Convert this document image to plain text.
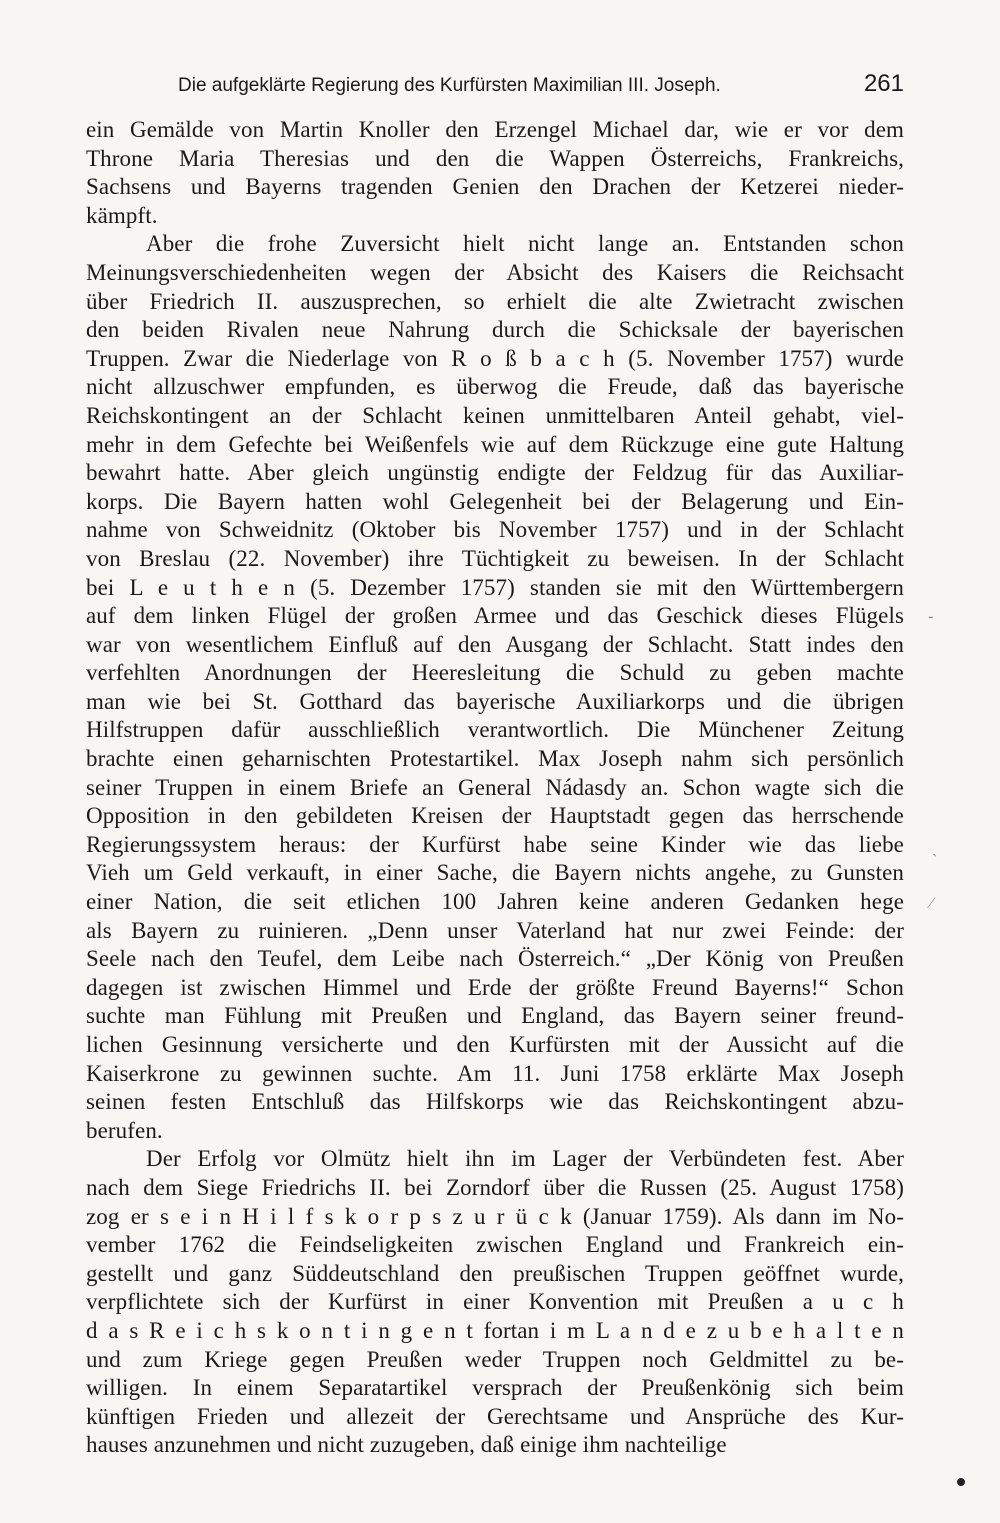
Die aufgeklärte Regierung des Kurfürsten Maximilian III. Joseph.	261
ein Gemälde von Martin Knoller den Erzengel Michael dar, wie er vor dem
Throne Maria Theresias und den die Wappen Österreichs, Frankreichs,
Sachsens und Bayerns tragenden Genien den Drachen der Ketzerei nieder-
kämpft.
Aber die frohe Zuversicht hielt nicht lange an. Entstanden schon
Meinungsverschiedenheiten wegen der Absicht des Kaisers die Reichsacht
über Friedrich II. auszusprechen, so erhielt die alte Zwietracht zwischen
den beiden Rivalen neue Nahrung durch die Schicksale der bayerischen
Truppen. Zwar die Niederlage von R o ß b a c h (5. November 1757) wurde
nicht allzuschwer empfunden, es überwog die Freude, daß das bayerische
Reichskontingent an der Schlacht keinen unmittelbaren Anteil gehabt, viel-
mehr in dem Gefechte bei Weißenfels wie auf dem Rückzuge eine gute Haltung
bewahrt hatte. Aber gleich ungünstig endigte der Feldzug für das Auxiliar-
korps. Die Bayern hatten wohl Gelegenheit bei der Belagerung und Ein-
nahme von Schweidnitz (Oktober bis November 1757) und in der Schlacht
von Breslau (22. November) ihre Tüchtigkeit zu beweisen. In der Schlacht
bei L e u t h e n (5. Dezember 1757) standen sie mit den Württembergern
auf dem linken Flügel der großen Armee und das Geschick dieses Flügels
war von wesentlichem Einfluß auf den Ausgang der Schlacht. Statt indes den
verfehlten Anordnungen der Heeresleitung die Schuld zu geben machte
man wie bei St. Gotthard das bayerische Auxiliarkorps und die übrigen
Hilfstruppen dafür ausschließlich verantwortlich. Die Münchener Zeitung
brachte einen geharnischten Protestartikel. Max Joseph nahm sich persönlich
seiner Truppen in einem Briefe an General Nádasdy an. Schon wagte sich die
Opposition in den gebildeten Kreisen der Hauptstadt gegen das herrschende
Regierungssystem heraus: der Kurfürst habe seine Kinder wie das liebe
Vieh um Geld verkauft, in einer Sache, die Bayern nichts angehe, zu Gunsten
einer Nation, die seit etlichen 100 Jahren keine anderen Gedanken hege
als Bayern zu ruinieren. „Denn unser Vaterland hat nur zwei Feinde: der
Seele nach den Teufel, dem Leibe nach Österreich.“ „Der König von Preußen
dagegen ist zwischen Himmel und Erde der größte Freund Bayerns!“ Schon
suchte man Fühlung mit Preußen und England, das Bayern seiner freund-
lichen Gesinnung versicherte und den Kurfürsten mit der Aussicht auf die
Kaiserkrone zu gewinnen suchte. Am 11. Juni 1758 erklärte Max Joseph
seinen festen Entschluß das Hilfskorps wie das Reichskontingent abzu-
berufen.
Der Erfolg vor Olmütz hielt ihn im Lager der Verbündeten fest. Aber
nach dem Siege Friedrichs II. bei Zorndorf über die Russen (25. August 1758)
zog er s e i n H i l f s k o r p s z u r ü c k (Januar 1759). Als dann im No-
vember 1762 die Feindseligkeiten zwischen England und Frankreich ein-
gestellt und ganz Süddeutschland den preußischen Truppen geöffnet wurde,
verpflichtete sich der Kurfürst in einer Konvention mit Preußen a u c h
d a s R e i c h s k o n t i n g e n t fortan i m L a n d e z u b e h a l t e n
und zum Kriege gegen Preußen weder Truppen noch Geldmittel zu be-
willigen. In einem Separatartikel versprach der Preußenkönig sich beim
künftigen Frieden und allezeit der Gerechtsame und Ansprüche des Kur-
hauses anzunehmen und nicht zuzugeben, daß einige ihm nachteilige
‑
`
⁄
